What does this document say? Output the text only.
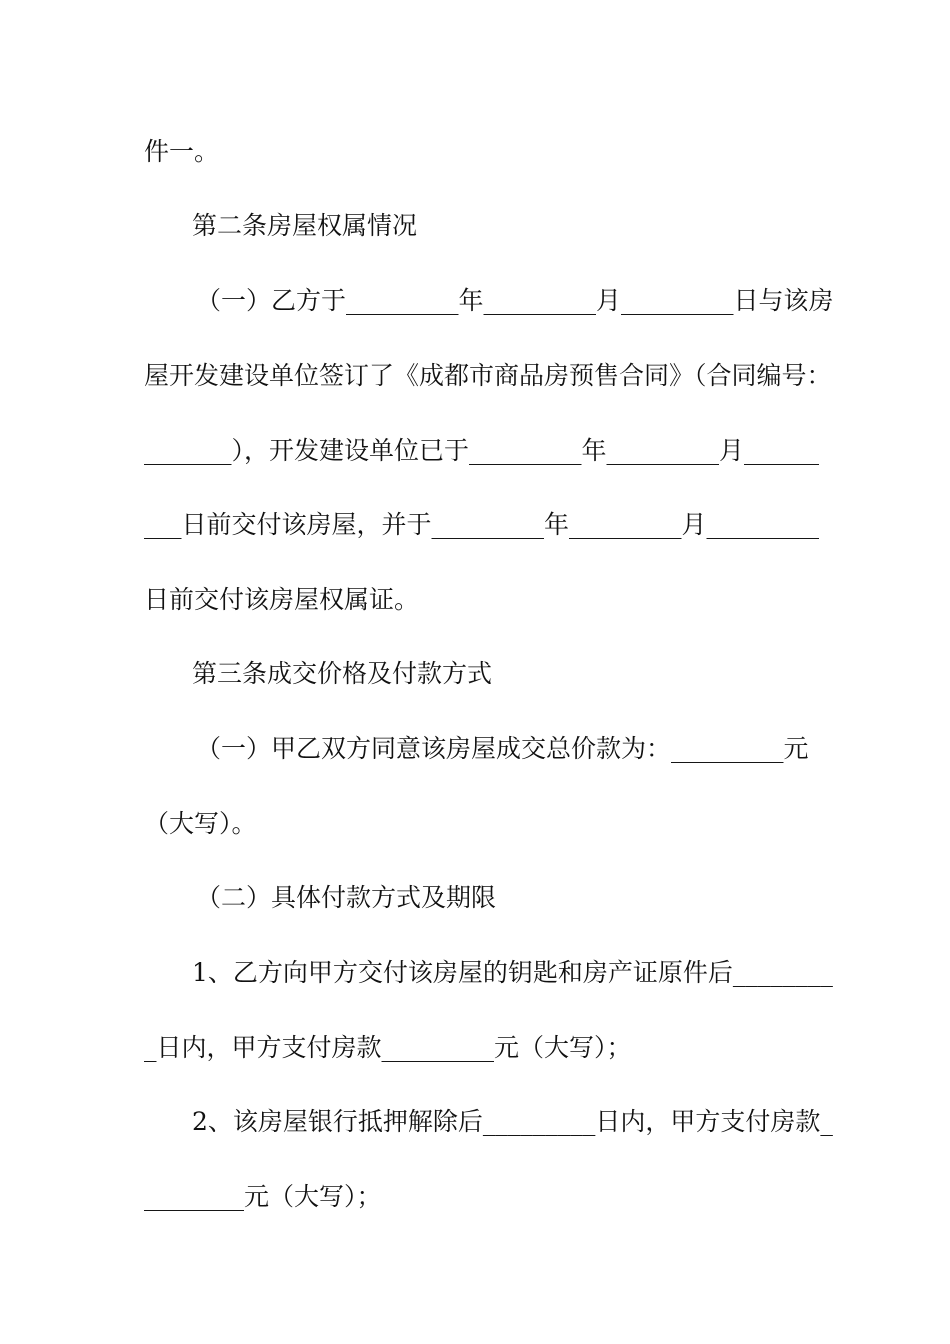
件一。
第二条房屋权属情况
（一）乙方于_________年_________月_________日与该房
屋开发建设单位签订了《成都市商品房预售合同》（合同编号：
_______），开发建设单位已于_________年_________月______
___日前交付该房屋，并于_________年_________月_________
日前交付该房屋权属证。
第三条成交价格及付款方式
（一）甲乙双方同意该房屋成交总价款为：_________元
（大写）。
（二）具体付款方式及期限
1、乙方向甲方交付该房屋的钥匙和房产证原件后________
_日内，甲方支付房款_________元（大写）；
2、该房屋银行抵押解除后_________日内，甲方支付房款_
________元（大写）；
